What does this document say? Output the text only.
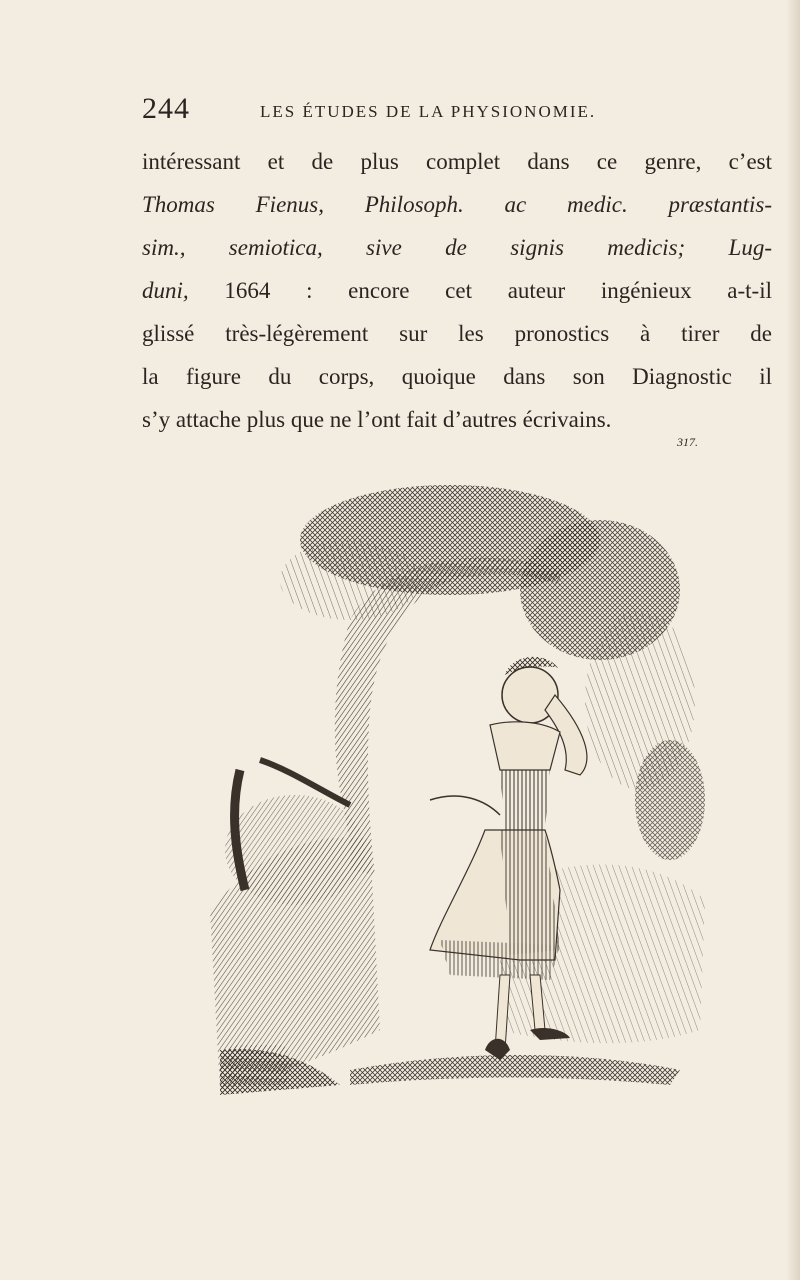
244	LES ÉTUDES DE LA PHYSIONOMIE.
intéressant et de plus complet dans ce genre, c’est
Thomas Fienus, Philosoph. ac medic. præstantis-
sim., semiotica, sive de signis medicis; Lug-
duni, 1664 : encore cet auteur ingénieux a-t-il
glissé très-légèrement sur les pronostics à tirer de
la figure du corps, quoique dans son Diagnostic il
s’y attache plus que ne l’ont fait d’autres écrivains.
317.
